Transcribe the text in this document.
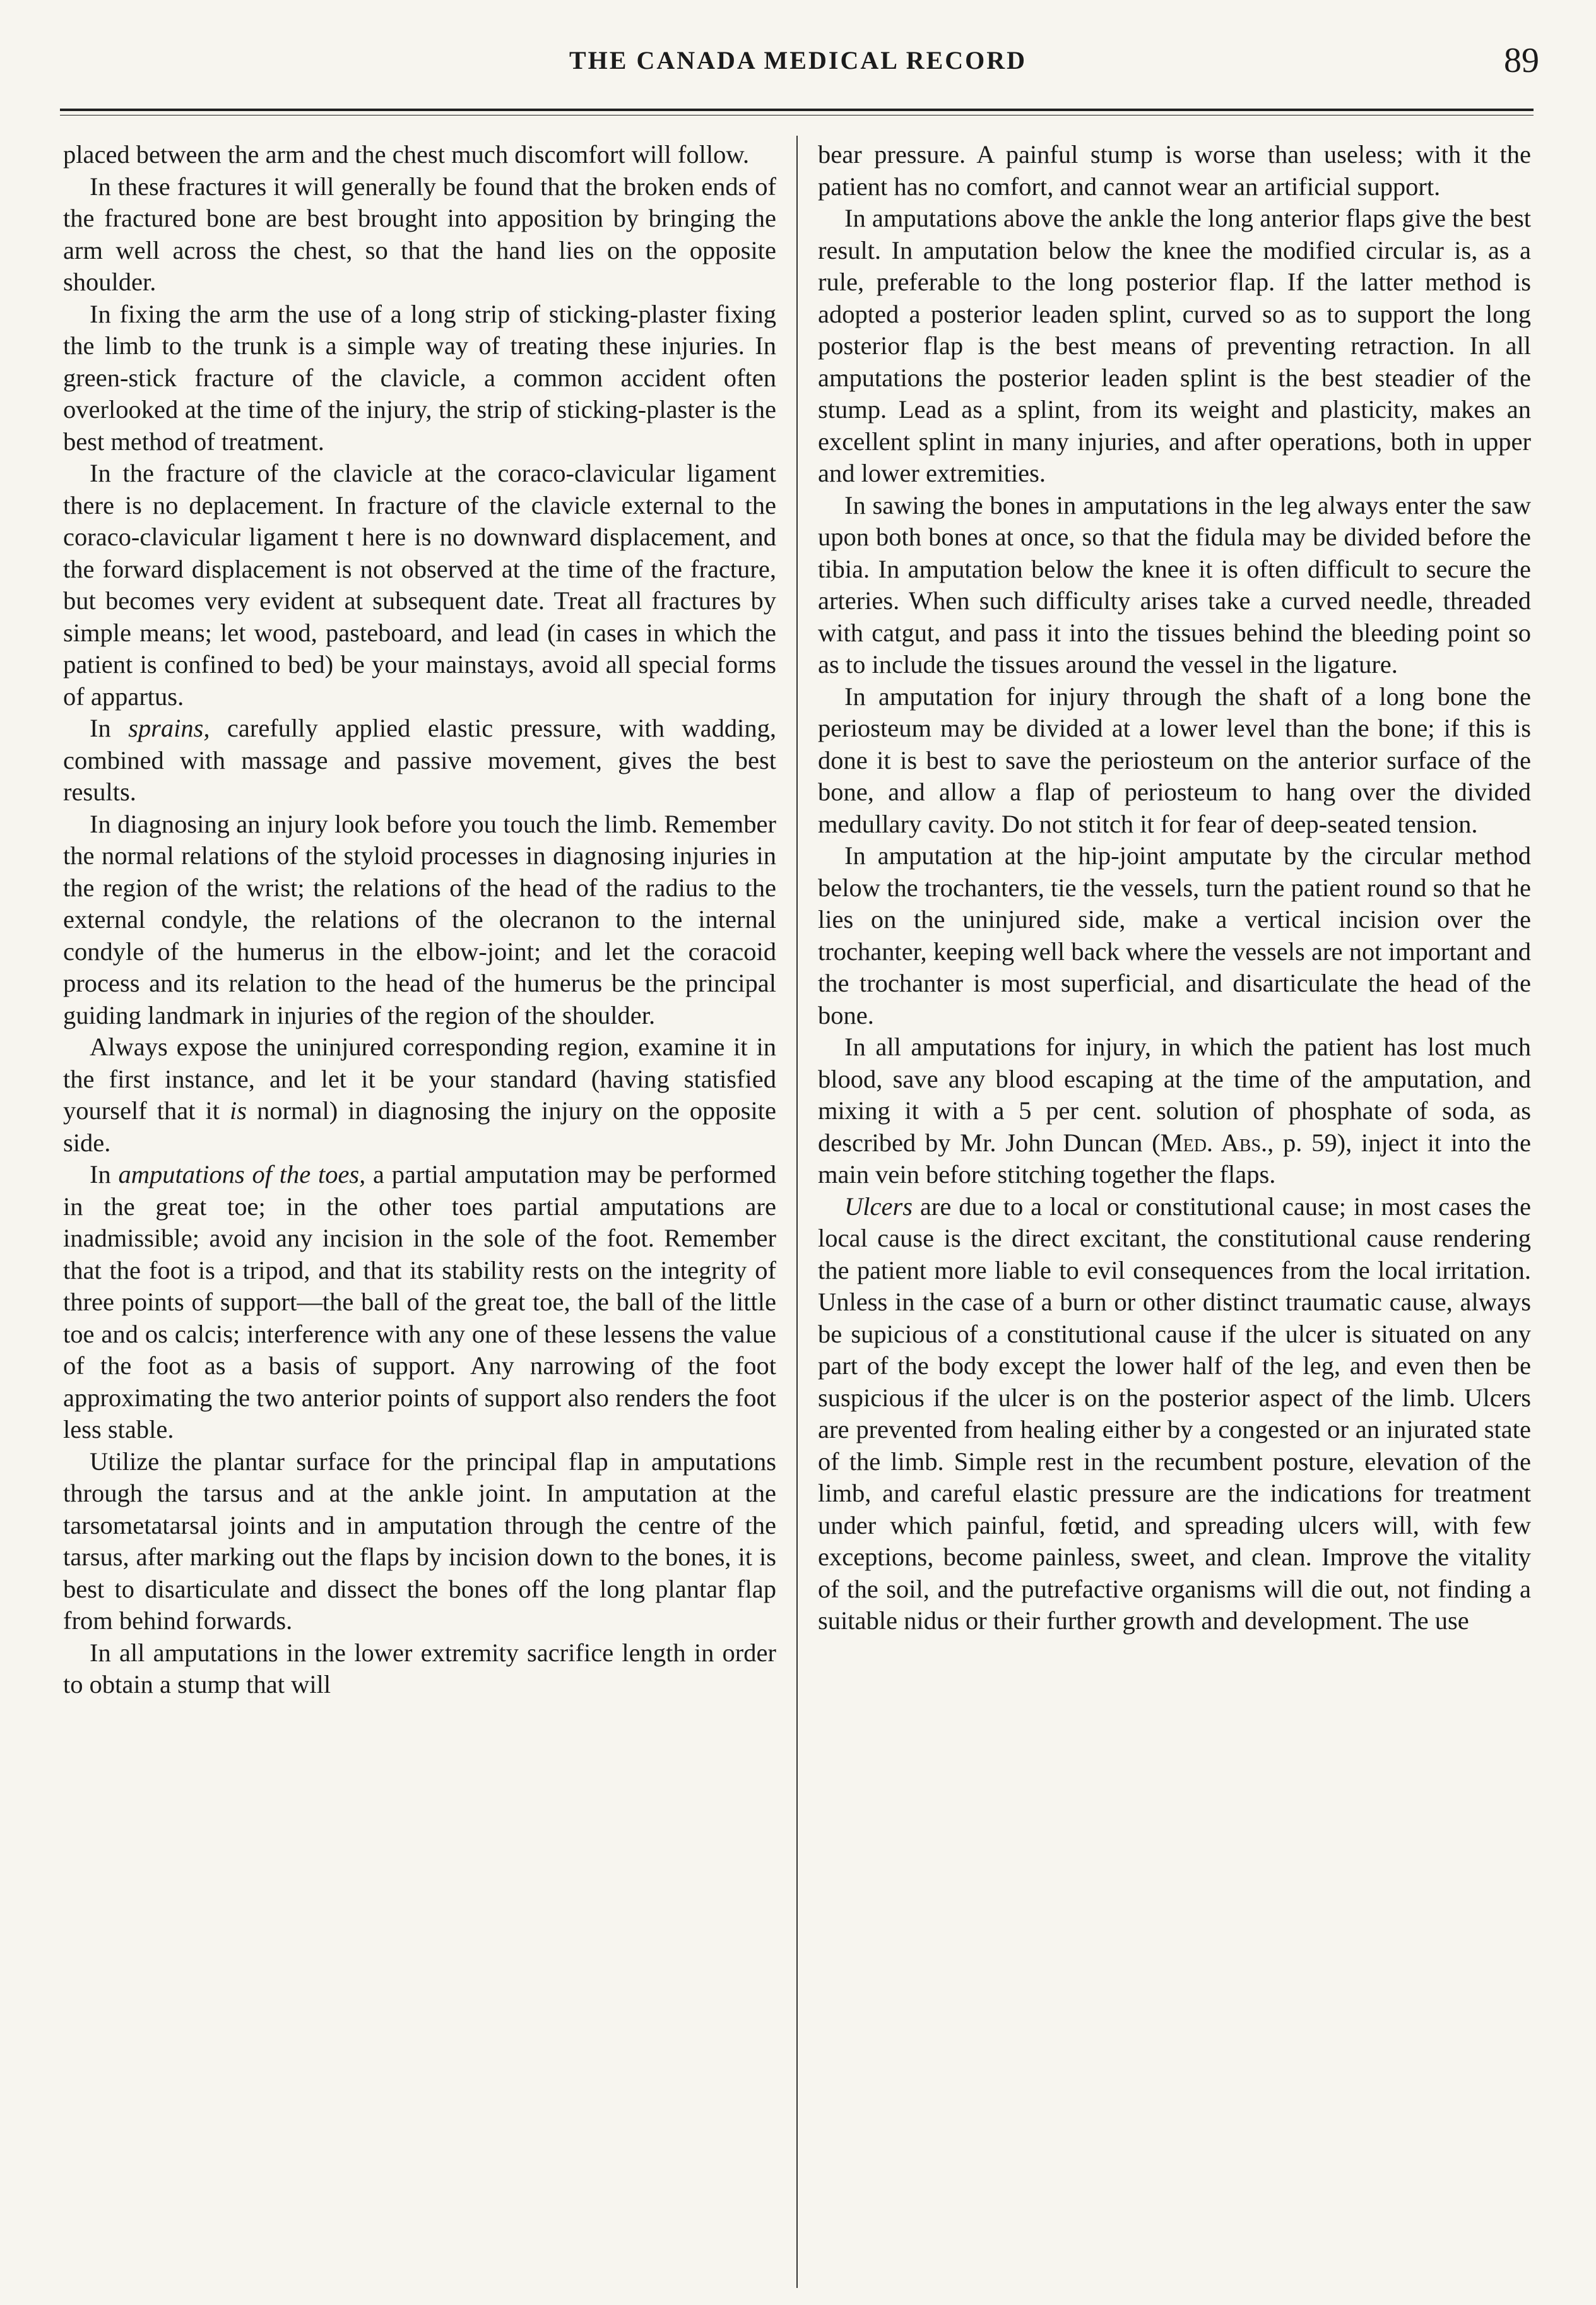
THE CANADA MEDICAL RECORD	89

placed between the arm and the chest much discomfort will follow.

In these fractures it will generally be found that the broken ends of the fractured bone are best brought into apposition by bringing the arm well across the chest, so that the hand lies on the opposite shoulder.

In fixing the arm the use of a long strip of sticking-plaster fixing the limb to the trunk is a simple way of treating these injuries. In green-stick fracture of the clavicle, a common accident often overlooked at the time of the injury, the strip of sticking-plaster is the best method of treatment.

In the fracture of the clavicle at the coraco-clavicular ligament there is no deplacement. In fracture of the clavicle external to the coraco-clavicular ligament t here is no downward displacement, and the forward displacement is not observed at the time of the fracture, but becomes very evident at subsequent date. Treat all fractures by simple means; let wood, pasteboard, and lead (in cases in which the patient is confined to bed) be your mainstays, avoid all special forms of appartus.

In sprains, carefully applied elastic pressure, with wadding, combined with massage and passive movement, gives the best results.

In diagnosing an injury look before you touch the limb. Remember the normal relations of the styloid processes in diagnosing injuries in the region of the wrist; the relations of the head of the radius to the external condyle, the relations of the olecranon to the internal condyle of the humerus in the elbow-joint; and let the coracoid process and its relation to the head of the humerus be the principal guiding landmark in injuries of the region of the shoulder.

Always expose the uninjured corresponding region, examine it in the first instance, and let it be your standard (having statisfied yourself that it is normal) in diagnosing the injury on the opposite side.

In amputations of the toes, a partial amputation may be performed in the great toe; in the other toes partial amputations are inadmissible; avoid any incision in the sole of the foot. Remember that the foot is a tripod, and that its stability rests on the integrity of three points of support—the ball of the great toe, the ball of the little toe and os calcis; interference with any one of these lessens the value of the foot as a basis of support. Any narrowing of the foot approximating the two anterior points of support also renders the foot less stable.

Utilize the plantar surface for the principal flap in amputations through the tarsus and at the ankle joint. In amputation at the tarsometatarsal joints and in amputation through the centre of the tarsus, after marking out the flaps by incision down to the bones, it is best to disarticulate and dissect the bones off the long plantar flap from behind forwards.

In all amputations in the lower extremity sacrifice length in order to obtain a stump that will

bear pressure. A painful stump is worse than useless; with it the patient has no comfort, and cannot wear an artificial support.

In amputations above the ankle the long anterior flaps give the best result. In amputation below the knee the modified circular is, as a rule, preferable to the long posterior flap. If the latter method is adopted a posterior leaden splint, curved so as to support the long posterior flap is the best means of preventing retraction. In all amputations the posterior leaden splint is the best steadier of the stump. Lead as a splint, from its weight and plasticity, makes an excellent splint in many injuries, and after operations, both in upper and lower extremities.

In sawing the bones in amputations in the leg always enter the saw upon both bones at once, so that the fidula may be divided before the tibia. In amputation below the knee it is often difficult to secure the arteries. When such difficulty arises take a curved needle, threaded with catgut, and pass it into the tissues behind the bleeding point so as to include the tissues around the vessel in the ligature.

In amputation for injury through the shaft of a long bone the periosteum may be divided at a lower level than the bone; if this is done it is best to save the periosteum on the anterior surface of the bone, and allow a flap of periosteum to hang over the divided medullary cavity. Do not stitch it for fear of deep-seated tension.

In amputation at the hip-joint amputate by the circular method below the trochanters, tie the vessels, turn the patient round so that he lies on the uninjured side, make a vertical incision over the trochanter, keeping well back where the vessels are not important and the trochanter is most superficial, and disarticulate the head of the bone.

In all amputations for injury, in which the patient has lost much blood, save any blood escaping at the time of the amputation, and mixing it with a 5 per cent. solution of phosphate of soda, as described by Mr. John Duncan (Med. Abs., p. 59), inject it into the main vein before stitching together the flaps.

Ulcers are due to a local or constitutional cause; in most cases the local cause is the direct excitant, the constitutional cause rendering the patient more liable to evil consequences from the local irritation. Unless in the case of a burn or other distinct traumatic cause, always be supicious of a constitutional cause if the ulcer is situated on any part of the body except the lower half of the leg, and even then be suspicious if the ulcer is on the posterior aspect of the limb. Ulcers are prevented from healing either by a congested or an injurated state of the limb. Simple rest in the recumbent posture, elevation of the limb, and careful elastic pressure are the indications for treatment under which painful, fœtid, and spreading ulcers will, with few exceptions, become painless, sweet, and clean. Improve the vitality of the soil, and the putrefactive organisms will die out, not finding a suitable nidus or their further growth and development. The use
